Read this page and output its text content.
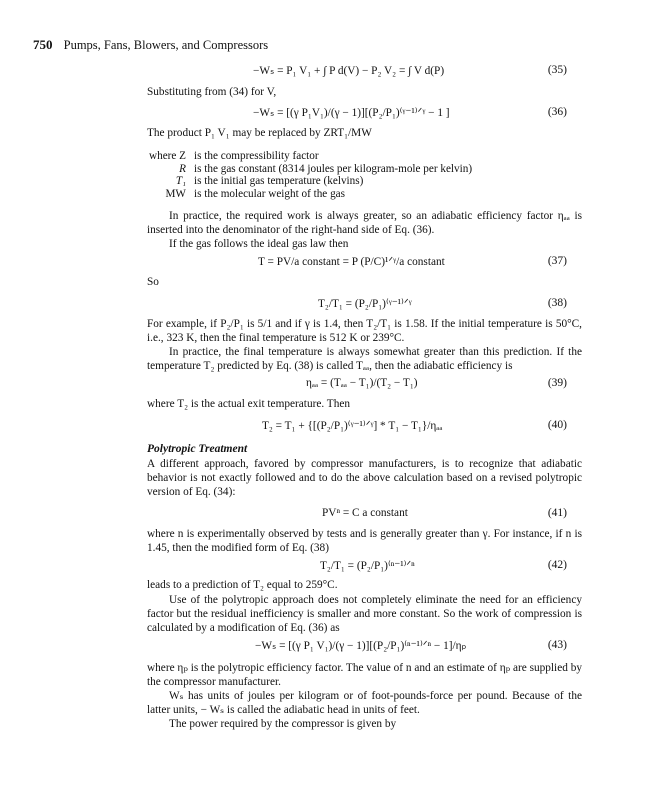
750 Pumps, Fans, Blowers, and Compressors
−Wₛ = P₁ V₁ + ∫ P d(V) − P₂ V₂ = ∫ V d(P)	(35)
Substituting from (34) for V,
−Wₛ = [(γ P₁V₁)/(γ − 1)][(P₂/P₁)⁽ᵞ⁻¹⁾ᐟᵞ − 1 ]	(36)
The product P₁ V₁ may be replaced by ZRT₁/MW
where Z is the compressibility factor
R is the gas constant (8314 joules per kilogram-mole per kelvin)
T₁ is the initial gas temperature (kelvins)
MW is the molecular weight of the gas
In practice, the required work is always greater, so an adiabatic efficiency factor ηₐₐ is inserted into the denominator of the right-hand side of Eq. (36).
If the gas follows the ideal gas law then
T = PV/a constant = P (P/C)¹ᐟᵞ/a constant	(37)
So
T₂/T₁ = (P₂/P₁)⁽ᵞ⁻¹⁾ᐟᵞ	(38)
For example, if P₂/P₁ is 5/1 and if γ is 1.4, then T₂/T₁ is 1.58. If the initial temperature is 50°C, i.e., 323 K, then the final temperature is 512 K or 239°C.
In practice, the final temperature is always somewhat greater than this prediction. If the temperature T₂ predicted by Eq. (38) is called Tₐₐ, then the adiabatic efficiency is
ηₐₐ = (Tₐₐ − T₁)/(T₂ − T₁)	(39)
where T₂ is the actual exit temperature. Then
T₂ = T₁ + {[(P₂/P₁)⁽ᵞ⁻¹⁾ᐟᵞ] * T₁ − T₁}/ηₐₐ	(40)
Polytropic Treatment
A different approach, favored by compressor manufacturers, is to recognize that adiabatic behavior is not exactly followed and to do the above calculation based on a revised polytropic version of Eq. (34):
PVⁿ = C a constant	(41)
where n is experimentally observed by tests and is generally greater than γ. For instance, if n is 1.45, then the modified form of Eq. (38)
T₂/T₁ = (P₂/P₁)⁽ⁿ⁻¹⁾ᐟⁿ	(42)
leads to a prediction of T₂ equal to 259°C.
Use of the polytropic approach does not completely eliminate the need for an efficiency factor but the residual inefficiency is smaller and more constant. So the work of compression is calculated by a modification of Eq. (36) as
−Wₛ = [(γ P₁ V₁)/(γ − 1)][(P₂/P₁)⁽ⁿ⁻¹⁾ᐟⁿ − 1]/ηₚ	(43)
where ηₚ is the polytropic efficiency factor. The value of n and an estimate of ηₚ are supplied by the compressor manufacturer.
Wₛ has units of joules per kilogram or of foot-pounds-force per pound. Because of the latter units, − Wₛ is called the adiabatic head in units of feet.
The power required by the compressor is given by
